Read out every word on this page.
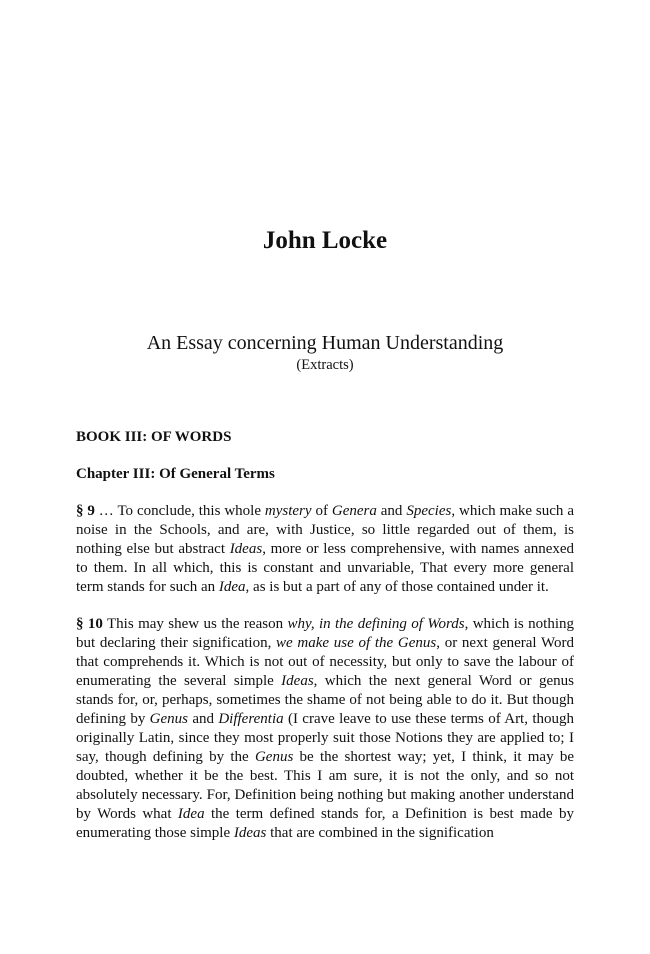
John Locke
An Essay concerning Human Understanding
(Extracts)
BOOK III: OF WORDS
Chapter III: Of General Terms

§ 9 … To conclude, this whole mystery of Genera and Species, which make such a noise in the Schools, and are, with Justice, so little regarded out of them, is nothing else but abstract Ideas, more or less comprehensive, with names annexed to them. In all which, this is constant and unvariable, That every more general term stands for such an Idea, as is but a part of any of those contained under it.

§ 10 This may shew us the reason why, in the defining of Words, which is nothing but declaring their signification, we make use of the Genus, or next general Word that comprehends it. Which is not out of necessity, but only to save the labour of enumerating the several simple Ideas, which the next general Word or genus stands for, or, perhaps, sometimes the shame of not being able to do it. But though defining by Genus and Differentia (I crave leave to use these terms of Art, though originally Latin, since they most properly suit those Notions they are applied to; I say, though defining by the Genus be the shortest way; yet, I think, it may be doubted, whether it be the best. This I am sure, it is not the only, and so not absolutely necessary. For, Definition being nothing but making another understand by Words what Idea the term defined stands for, a Definition is best made by enumerating those simple Ideas that are combined in the signification
